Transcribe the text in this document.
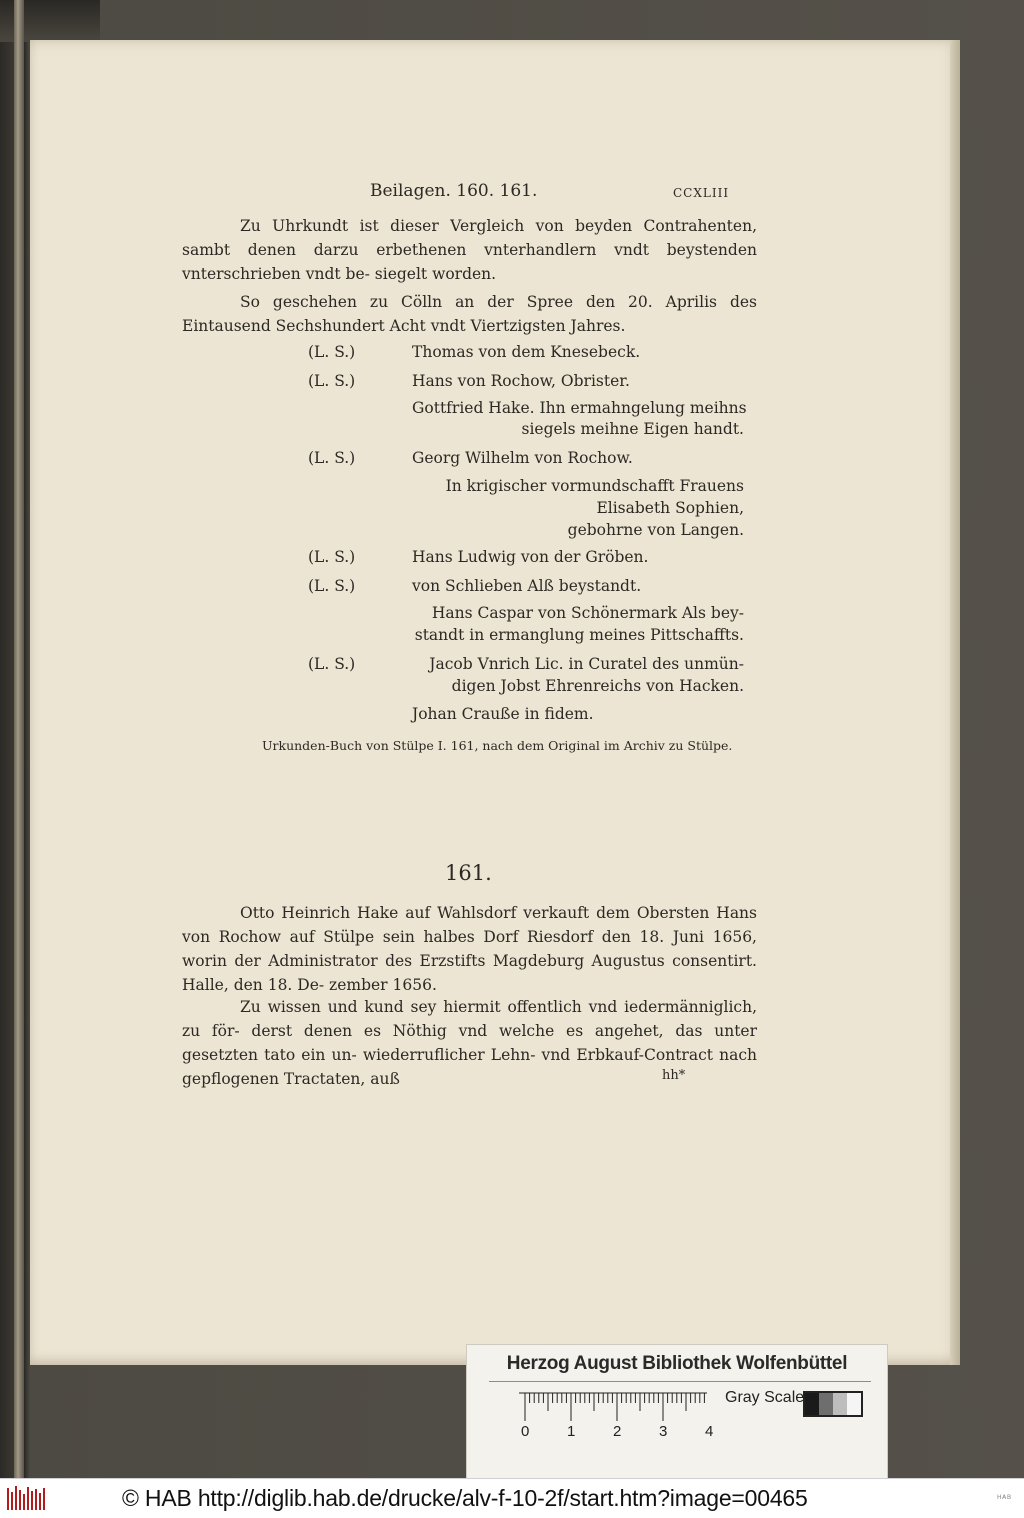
Beilagen. 160. 161.	CCXLIII
Zu Uhrkundt ist dieser Vergleich von beyden Contrahenten, sambt denen darzu erbethenen vnterhandlern vndt beystenden vnterschrieben vndt be- siegelt worden.
So geschehen zu Cölln an der Spree den 20. Aprilis des Eintausend Sechshundert Acht vndt Viertzigsten Jahres.
(L. S.)	Thomas von dem Knesebeck.
(L. S.)	Hans von Rochow, Obrister.
Gottfried Hake. Ihn ermahngelung meihns
siegels meihne Eigen handt.
(L. S.)	Georg Wilhelm von Rochow.
In krigischer vormundschafft Frauens
Elisabeth Sophien,
gebohrne von Langen.
(L. S.)	Hans Ludwig von der Gröben.
(L. S.)	von Schlieben Alß beystandt.
Hans Caspar von Schönermark Als bey-
standt in ermanglung meines Pittschaffts.
(L. S.)	Jacob Vnrich Lic. in Curatel des unmün-
digen Jobst Ehrenreichs von Hacken.
Johan Craußе in fidem.
Urkunden-Buch von Stülpe I. 161, nach dem Original im Archiv zu Stülpe.
161.
Otto Heinrich Hake auf Wahlsdorf verkauft dem Obersten Hans von Rochow auf Stülpe sein halbes Dorf Riesdorf den 18. Juni 1656, worin der Administrator des Erzstifts Magdeburg Augustus consentirt. Halle, den 18. De- zember 1656.
Zu wissen und kund sey hiermit offentlich vnd iedermänniglich, zu för- derst denen es Nöthig vnd welche es angehet, das unter gesetzten tato ein un- wiederruflicher Lehn- vnd Erbkauf-Contract nach gepflogenen Tractaten, auß	hh*
Herzog August Bibliothek Wolfenbüttel
0	1	2	3	4
Gray Scale
© HAB http://diglib.hab.de/drucke/alv-f-10-2f/start.htm?image=00465	ᴴᴬᴮ
